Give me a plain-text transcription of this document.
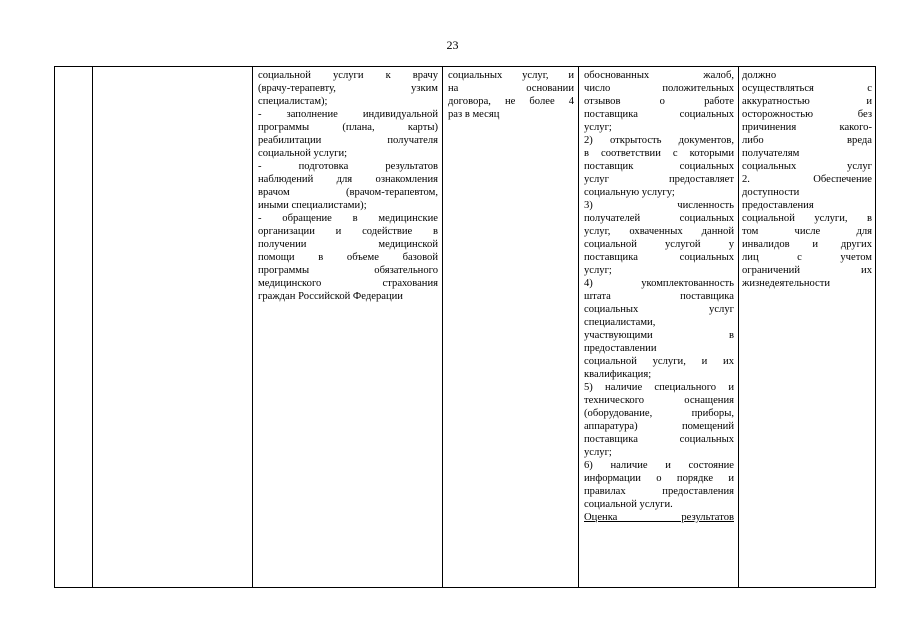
23
социальной услуги к врачу
(врачу-терапевту, узким
специалистам);
- заполнение индивидуальной
программы (плана, карты)
реабилитации получателя
социальной услуги;
- подготовка результатов
наблюдений для ознакомления
врачом (врачом-терапевтом,
иными специалистами);
- обращение в медицинские
организации и содействие в
получении медицинской
помощи в объеме базовой
программы обязательного
медицинского страхования
граждан Российской Федерации
социальных услуг, и
на основании
договора, не более 4
раз в месяц
обоснованных жалоб,
число положительных
отзывов о работе
поставщика социальных
услуг;
2) открытость документов,
в соответствии с которыми
поставщик социальных
услуг предоставляет
социальную услугу;
3) численность
получателей социальных
услуг, охваченных данной
социальной услугой у
поставщика социальных
услуг;
4) укомплектованность
штата поставщика
социальных услуг
специалистами,
участвующими в
предоставлении
социальной услуги, и их
квалификация;
5) наличие специального и
технического оснащения
(оборудование, приборы,
аппаратура) помещений
поставщика социальных
услуг;
6) наличие и состояние
информации о порядке и
правилах предоставления
социальной услуги.
Оценка результатов
должно
осуществляться с
аккуратностью и
осторожностью без
причинения какого-
либо вреда
получателям
социальных услуг
2. Обеспечение
доступности
предоставления
социальной услуги, в
том числе для
инвалидов и других
лиц с учетом
ограничений их
жизнедеятельности
